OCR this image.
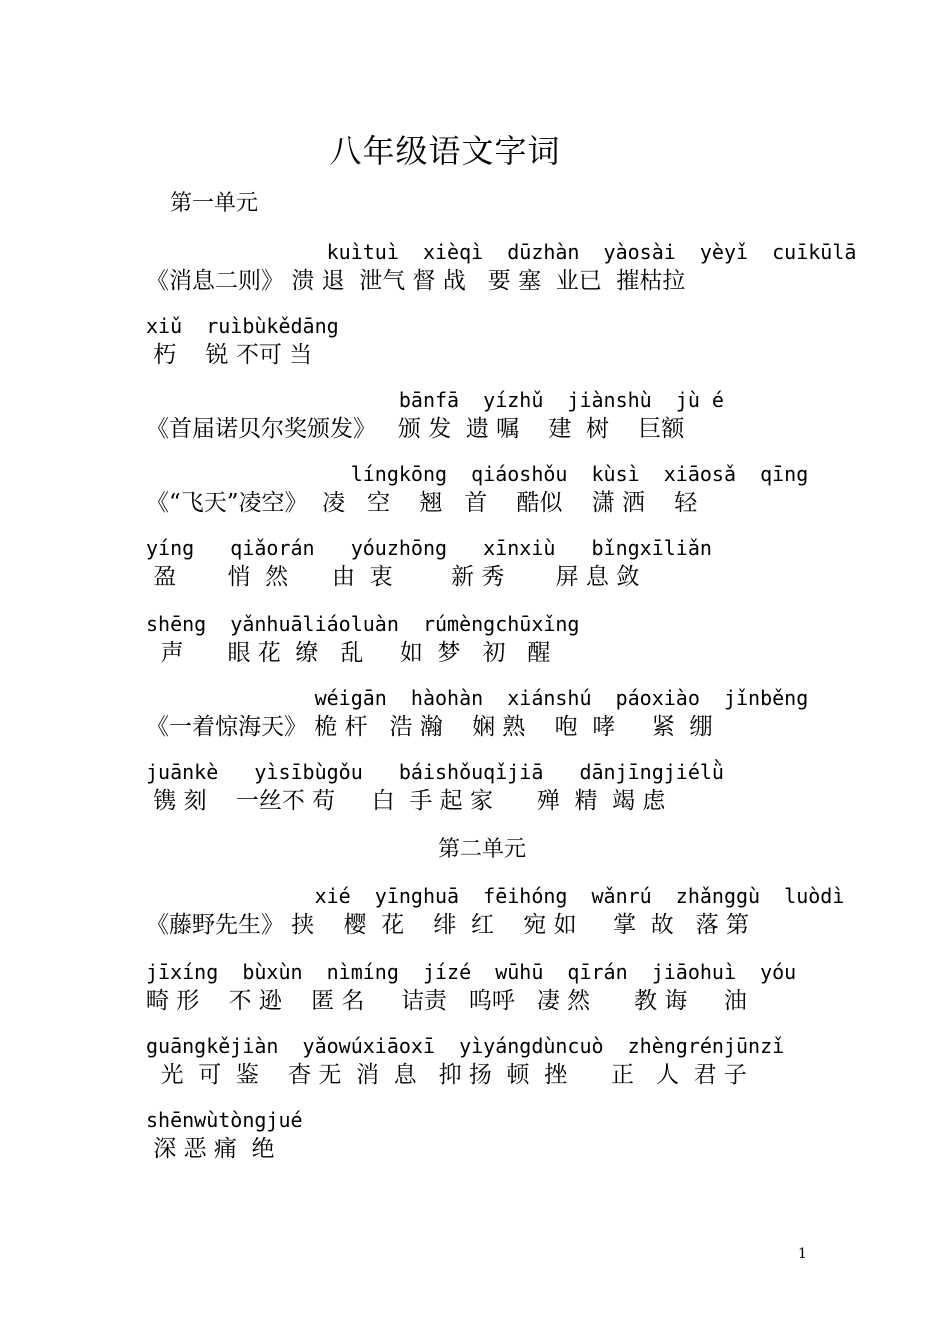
八年级语文字词
第一单元
kuìtuì  xièqì  dūzhàn  yàosài  yèyǐ  cuīkūlā
《消息二则》 溃 退  泄气 督 战   要 塞  业已  摧枯拉
xiǔ  ruìbùkědāng
朽    锐 不可 当
bānfā  yízhǔ  jiànshù  jù é
《首届诺贝尔奖颁发》   颁 发  遗 嘱    建  树    巨额
língkōng  qiáoshǒu  kùsì  xiāosǎ  qīng
《“飞天”凌空》  凌   空    翘   首    酷似    潇 洒    轻
yíng   qiǎorán   yóuzhōng   xīnxiù   bǐngxīliǎn
盈       悄  然      由  衷        新 秀       屏 息 敛
shēng  yǎnhuāliáoluàn  rúmèngchūxǐng
声      眼 花  缭   乱     如  梦   初   醒
wéigān  hàohàn  xiánshú  páoxiào  jǐnběng
《一着惊海天》 桅 杆   浩 瀚    娴 熟    咆  哮     紧  绷
juānkè   yìsībùgǒu   báishǒuqǐjiā   dānjīngjiélǜ
镌 刻    一丝不 苟     白  手 起 家      殚  精  竭 虑
第二单元
xié  yīnghuā  fēihóng  wǎnrú  zhǎnggù  luòdì
《藤野先生》 挟    樱  花    绯  红    宛 如     掌  故   落 第
jīxíng  bùxùn  nìmíng  jízé  wūhū  qīrán  jiāohuì  yóu
畸 形    不 逊    匿 名     诘责   呜呼   凄 然      教 诲     油
guāngkějiàn  yǎowúxiāoxī  yìyángdùncuò  zhèngrénjūnzǐ
光  可  鉴    杳 无  消  息   抑 扬  顿  挫      正   人  君 子
shēnwùtòngjué
深 恶 痛  绝
1
